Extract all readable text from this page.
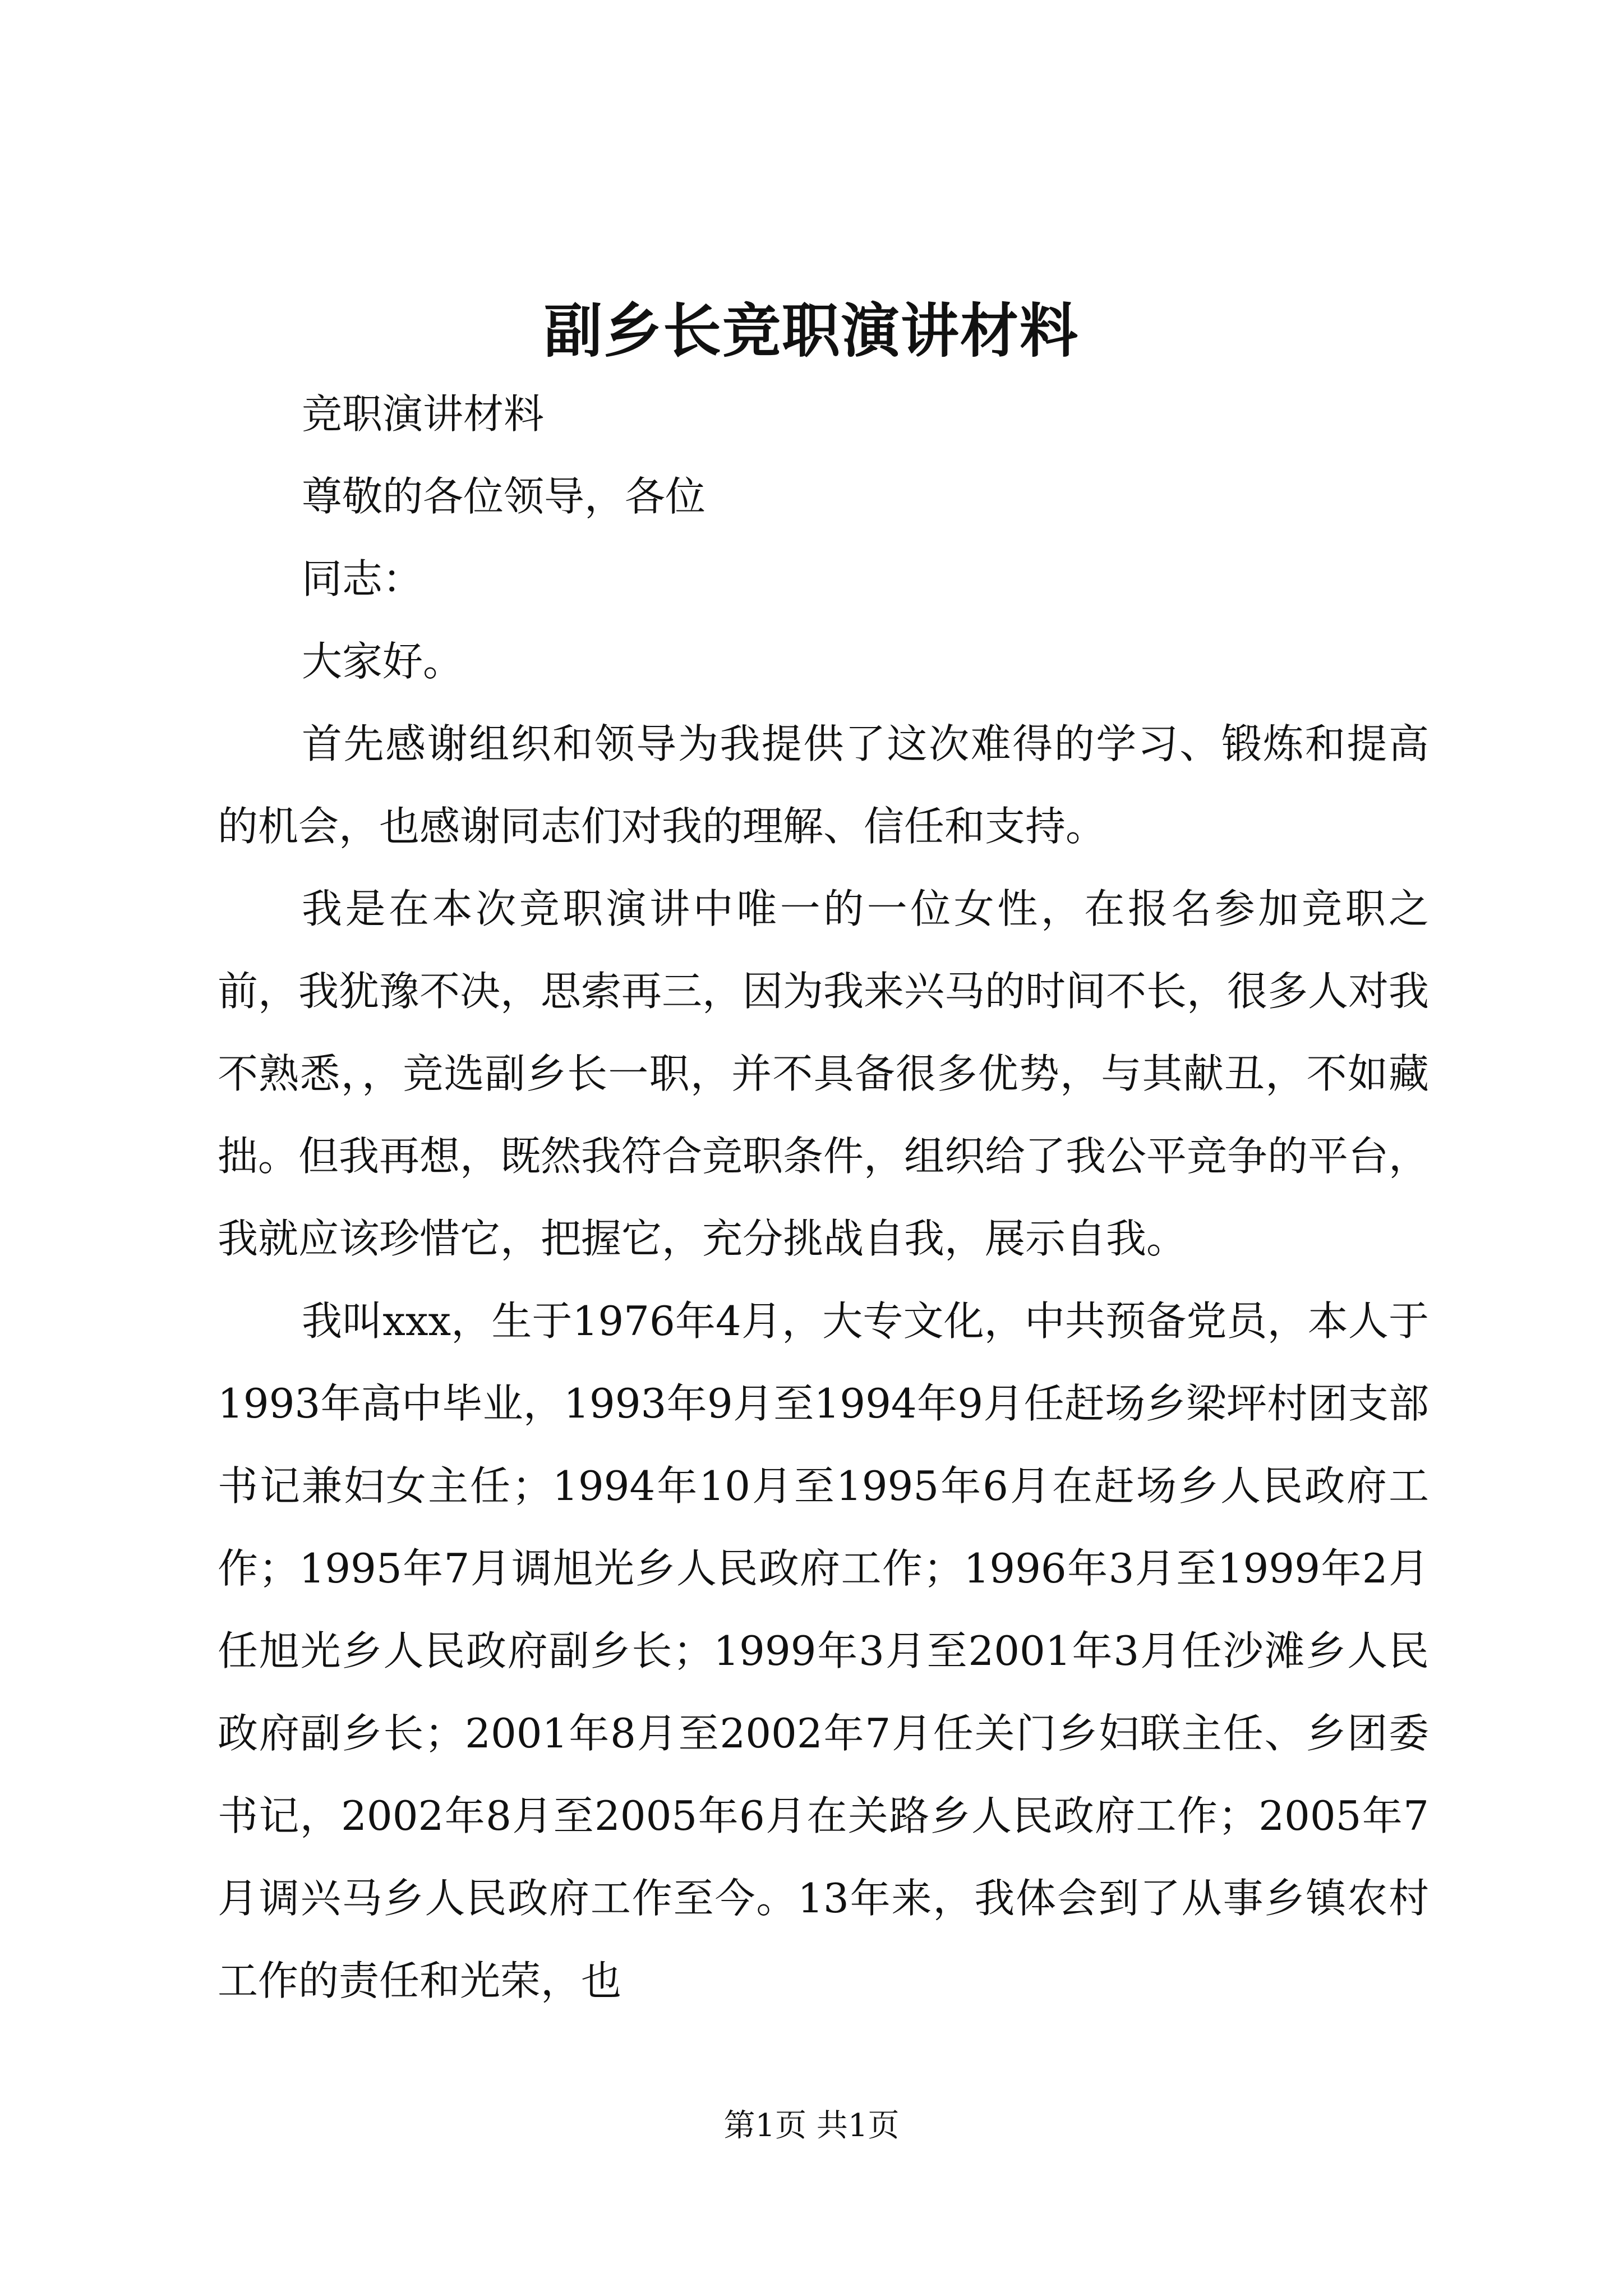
副乡长竞职演讲材料

竞职演讲材料

尊敬的各位领导，各位

同志：

大家好。

首先感谢组织和领导为我提供了这次难得的学习、锻炼和提高的机会，也感谢同志们对我的理解、信任和支持。

我是在本次竞职演讲中唯一的一位女性，在报名参加竞职之前，我犹豫不决，思索再三，因为我来兴马的时间不长，很多人对我不熟悉，，竞选副乡长一职，并不具备很多优势，与其献丑，不如藏拙。但我再想，既然我符合竞职条件，组织给了我公平竞争的平台，我就应该珍惜它，把握它，充分挑战自我，展示自我。

我叫xxx，生于1976年4月，大专文化，中共预备党员，本人于1993年高中毕业，1993年9月至1994年9月任赶场乡梁坪村团支部书记兼妇女主任；1994年10月至1995年6月在赶场乡人民政府工作；1995年7月调旭光乡人民政府工作；1996年3月至1999年2月任旭光乡人民政府副乡长；1999年3月至2001年3月任沙滩乡人民政府副乡长；2001年8月至2002年7月任关门乡妇联主任、乡团委书记，2002年8月至2005年6月在关路乡人民政府工作；2005年7月调兴马乡人民政府工作至今。13年来，我体会到了从事乡镇农村工作的责任和光荣，也

第1页 共1页
